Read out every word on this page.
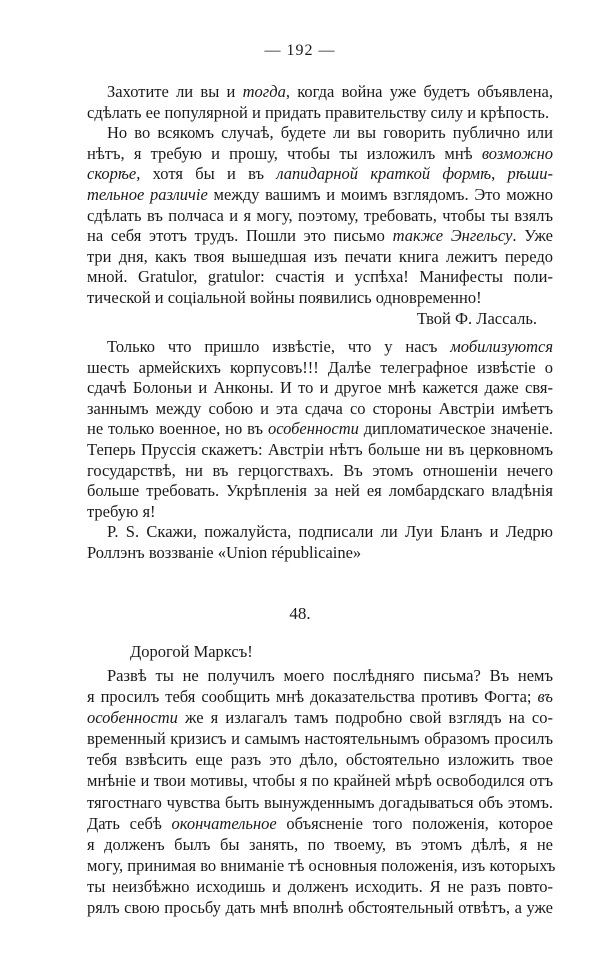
— 192 —
Захотите ли вы и тогда, когда война уже будетъ объявлена,
сдѣлать ее популярной и придать правительству силу и крѣпость.
Но во всякомъ случаѣ, будете ли вы говорить публично или
нѣтъ, я требую и прошу, чтобы ты изложилъ мнѣ возможно
скорѣе, хотя бы и въ лапидарной краткой формѣ, рѣши-
тельное различіе между вашимъ и моимъ взглядомъ. Это можно
сдѣлать въ полчаса и я могу, поэтому, требовать, чтобы ты взялъ
на себя этотъ трудъ. Пошли это письмо также Энгельсу. Уже
три дня, какъ твоя вышедшая изъ печати книга лежитъ передо
мной. Gratulor, gratulor: счастія и успѣха! Манифесты поли-
тической и соціальной войны появились одновременно!
Твой Ф. Лассаль.
Только что пришло извѣстіе, что у насъ мобилизуются
шесть армейскихъ корпусовъ!!! Далѣе телеграфное извѣстіе о
сдачѣ Болоньи и Анконы. И то и другое мнѣ кажется даже свя-
заннымъ между собою и эта сдача со стороны Австріи имѣетъ
не только военное, но въ особенности дипломатическое значеніе.
Теперь Пруссія скажетъ: Австріи нѣтъ больше ни въ церковномъ
государствѣ, ни въ герцогствахъ. Въ этомъ отношеніи нечего
больше требовать. Укрѣпленія за ней ея ломбардскаго владѣнія
требую я!
P. S. Скажи, пожалуйста, подписали ли Луи Бланъ и Ледрю
Роллэнъ воззваніе «Union républicaine»
48.
Дорогой Марксъ!
Развѣ ты не получилъ моего послѣдняго письма? Въ немъ
я просилъ тебя сообщить мнѣ доказательства противъ Фогта; въ
особенности же я излагалъ тамъ подробно свой взглядъ на со-
временный кризисъ и самымъ настоятельнымъ образомъ просилъ
тебя взвѣсить еще разъ это дѣло, обстоятельно изложить твое
мнѣніе и твои мотивы, чтобы я по крайней мѣрѣ освободился отъ
тягостнаго чувства быть вынужденнымъ догадываться объ этомъ.
Дать себѣ окончательное объясненіе того положенія, которое
я долженъ былъ бы занять, по твоему, въ этомъ дѣлѣ, я не
могу, принимая во вниманіе тѣ основныя положенія, изъ которыхъ
ты неизбѣжно исходишь и долженъ исходить. Я не разъ повто-
рялъ свою просьбу дать мнѣ вполнѣ обстоятельный отвѣтъ, а уже
